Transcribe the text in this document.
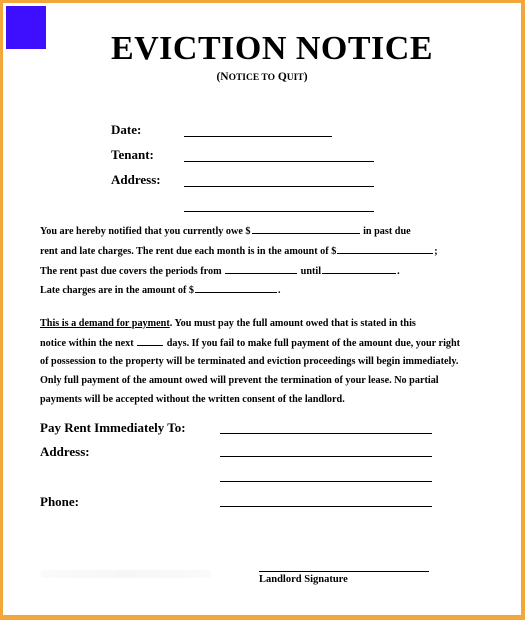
EVICTION NOTICE
(NOTICE TO QUIT)
Date:
Tenant:
Address:
You are hereby notified that you currently owe $	in past due
rent and late charges. The rent due each month is in the amount of $	;
The rent past due covers the periods from	until	.
Late charges are in the amount of $	.
This is a demand for payment. You must pay the full amount owed that is stated in this
notice within the next	days. If you fail to make full payment of the amount due, your right
of possession to the property will be terminated and eviction proceedings will begin immediately.
Only full payment of the amount owed will prevent the termination of your lease. No partial
payments will be accepted without the written consent of the landlord.
Pay Rent Immediately To:
Address:
Phone:
Landlord Signature
